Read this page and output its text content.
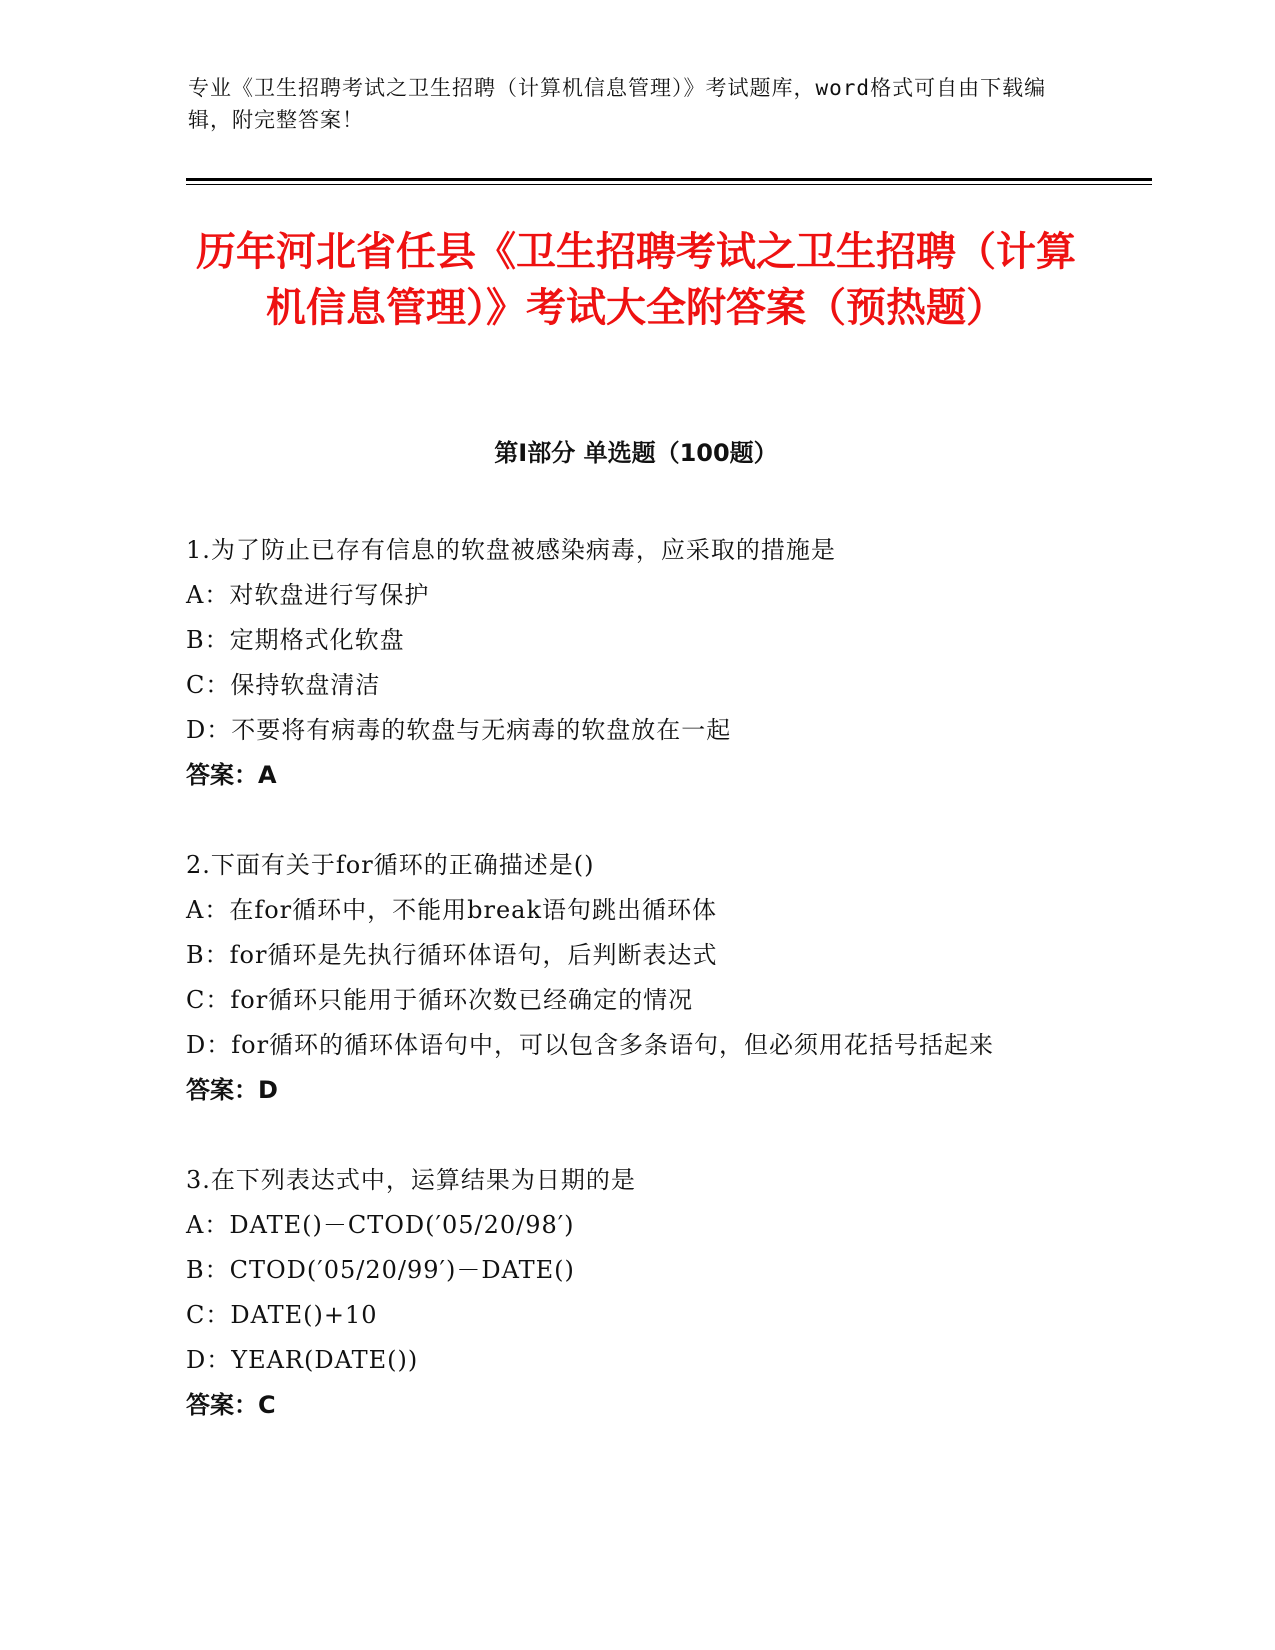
专业《卫生招聘考试之卫生招聘（计算机信息管理）》考试题库，word格式可自由下载编辑，附完整答案！
历年河北省任县《卫生招聘考试之卫生招聘（计算机信息管理）》考试大全附答案（预热题）
第Ⅰ部分 单选题（100题）
1.为了防止已存有信息的软盘被感染病毒，应采取的措施是
A：对软盘进行写保护
B：定期格式化软盘
C：保持软盘清洁
D：不要将有病毒的软盘与无病毒的软盘放在一起
答案：A
2.下面有关于for循环的正确描述是()
A：在for循环中，不能用break语句跳出循环体
B：for循环是先执行循环体语句，后判断表达式
C：for循环只能用于循环次数已经确定的情况
D：for循环的循环体语句中，可以包含多条语句，但必须用花括号括起来
答案：D
3.在下列表达式中，运算结果为日期的是
A：DATE()－CTOD(′05/20/98′)
B：CTOD(′05/20/99′)－DATE()
C：DATE()+10
D：YEAR(DATE())
答案：C
